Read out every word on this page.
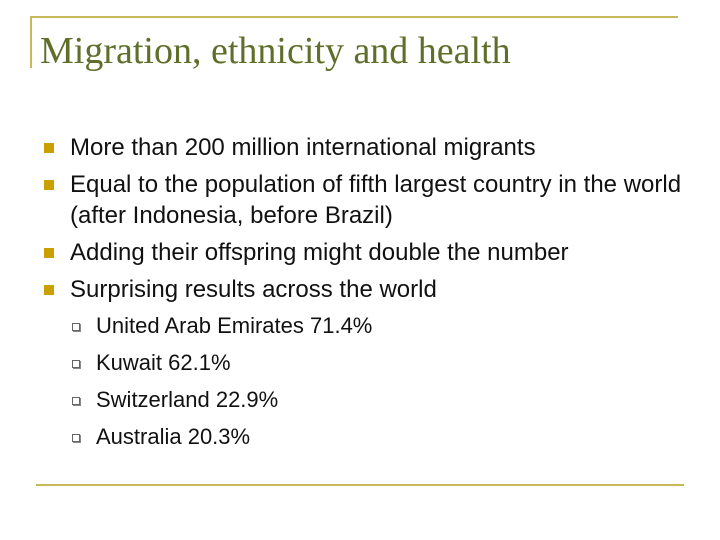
Migration, ethnicity and health
More than 200 million international migrants
Equal to the population of fifth largest country in the world (after Indonesia, before Brazil)
Adding their offspring might double the number
Surprising results across the world
United Arab Emirates 71.4%
Kuwait 62.1%
Switzerland 22.9%
Australia 20.3%
